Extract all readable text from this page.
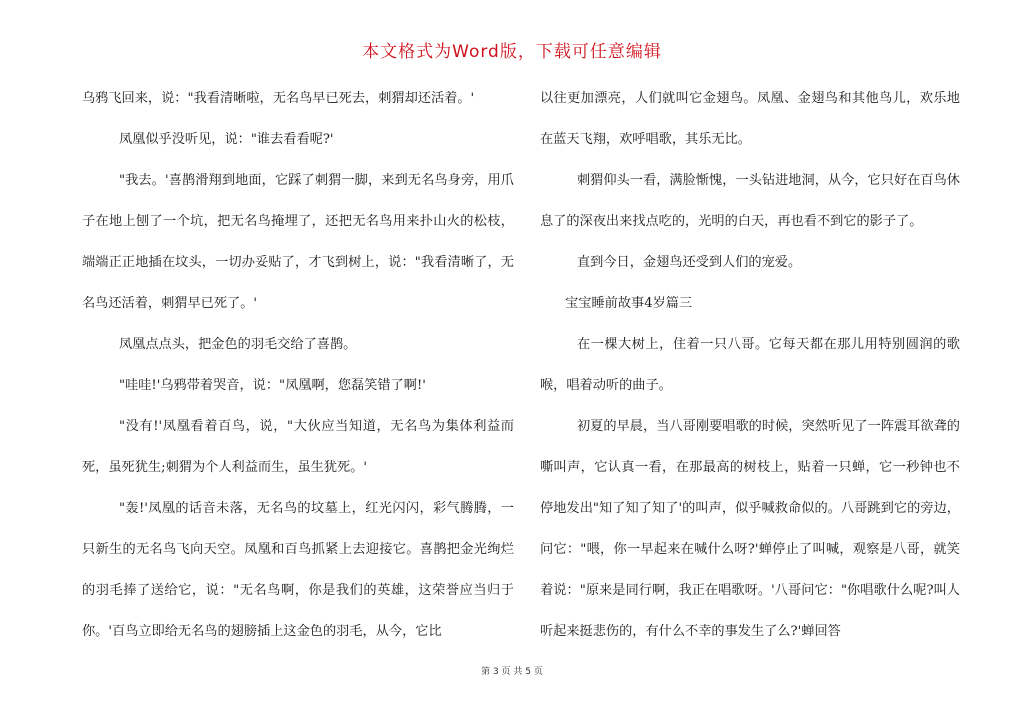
本文格式为Word版，下载可任意编辑

乌鸦飞回来，说："我看清晰啦，无名鸟早已死去，刺猬却还活着。'

凤凰似乎没听见，说："谁去看看呢?'

"我去。'喜鹊滑翔到地面，它踩了刺猬一脚，来到无名鸟身旁，用爪子在地上刨了一个坑，把无名鸟掩埋了，还把无名鸟用来扑山火的松枝，端端正正地插在坟头，一切办妥贴了，才飞到树上，说："我看清晰了，无名鸟还活着，刺猬早已死了。'

凤凰点点头，把金色的羽毛交给了喜鹊。

"哇哇!'乌鸦带着哭音，说："凤凰啊，您磊笑错了啊!'

"没有!'凤凰看着百鸟，说，"大伙应当知道，无名鸟为集体利益而死，虽死犹生;刺猬为个人利益而生，虽生犹死。'

"轰!'凤凰的话音未落，无名鸟的坟墓上，红光闪闪，彩气腾腾，一只新生的无名鸟飞向天空。凤凰和百鸟抓紧上去迎接它。喜鹊把金光绚烂的羽毛捧了送给它，说："无名鸟啊，你是我们的英雄，这荣誉应当归于你。'百鸟立即给无名鸟的翅膀插上这金色的羽毛，从今，它比

以往更加漂亮，人们就叫它金翅鸟。凤凰、金翅鸟和其他鸟儿，欢乐地在蓝天飞翔，欢呼唱歌，其乐无比。

刺猬仰头一看，满脸惭愧，一头钻进地洞，从今，它只好在百鸟休息了的深夜出来找点吃的，光明的白天，再也看不到它的影子了。

直到今日，金翅鸟还受到人们的宠爱。

宝宝睡前故事4岁篇三

在一棵大树上，住着一只八哥。它每天都在那儿用特别圆润的歌喉，唱着动听的曲子。

初夏的早晨，当八哥刚要唱歌的时候，突然听见了一阵震耳欲聋的嘶叫声，它认真一看，在那最高的树枝上，贴着一只蝉，它一秒钟也不停地发出"知了知了知了'的叫声，似乎喊救命似的。八哥跳到它的旁边，问它："喂，你一早起来在喊什么呀?'蝉停止了叫喊，观察是八哥，就笑着说："原来是同行啊，我正在唱歌呀。'八哥问它："你唱歌什么呢?叫人听起来挺悲伤的，有什么不幸的事发生了么?'蝉回答

第 3 页 共 5 页
